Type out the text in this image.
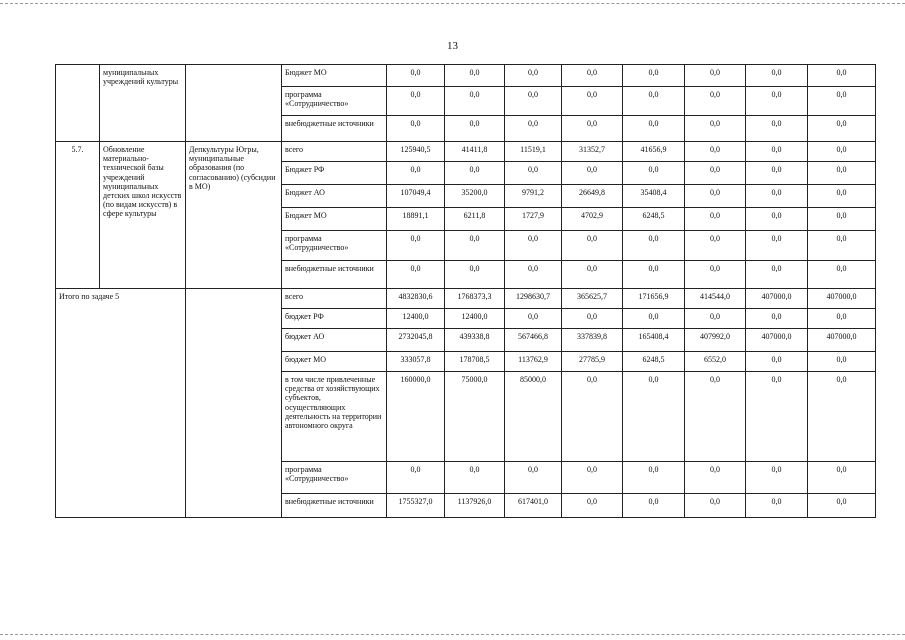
13
	муниципальных учреждений культуры		Бюджет МО	0,0	0,0	0,0	0,0	0,0	0,0	0,0	0,0
			программа «Сотрудничество»	0,0	0,0	0,0	0,0	0,0	0,0	0,0	0,0
			внебюджетные источники	0,0	0,0	0,0	0,0	0,0	0,0	0,0	0,0
5.7.	Обновление материально-технической базы учреждений муниципальных детских школ искусств (по видам искусств) в сфере культуры	Депкультуры Югры, муниципальные образования (по согласованию) (субсидии в МО)	всего	125940,5	41411,8	11519,1	31352,7	41656,9	0,0	0,0	0,0
			Бюджет РФ	0,0	0,0	0,0	0,0	0,0	0,0	0,0	0,0
			Бюджет АО	107049,4	35200,0	9791,2	26649,8	35408,4	0,0	0,0	0,0
			Бюджет МО	18891,1	6211,8	1727,9	4702,9	6248,5	0,0	0,0	0,0
			программа «Сотрудничество»	0,0	0,0	0,0	0,0	0,0	0,0	0,0	0,0
			внебюджетные источники	0,0	0,0	0,0	0,0	0,0	0,0	0,0	0,0
Итого по задаче 5			всего	4832830,6	1768373,3	1298630,7	365625,7	171656,9	414544,0	407000,0	407000,0
			бюджет РФ	12400,0	12400,0	0,0	0,0	0,0	0,0	0,0	0,0
			бюджет АО	2732045,8	439338,8	567466,8	337839,8	165408,4	407992,0	407000,0	407000,0
			бюджет МО	333057,8	178708,5	113762,9	27785,9	6248,5	6552,0	0,0	0,0
			в том числе привлеченные средства от хозяйствующих субъектов, осуществляющих деятельность на территории автономного округа	160000,0	75000,0	85000,0	0,0	0,0	0,0	0,0	0,0
			программа «Сотрудничество»	0,0	0,0	0,0	0,0	0,0	0,0	0,0	0,0
			внебюджетные источники	1755327,0	1137926,0	617401,0	0,0	0,0	0,0	0,0	0,0
